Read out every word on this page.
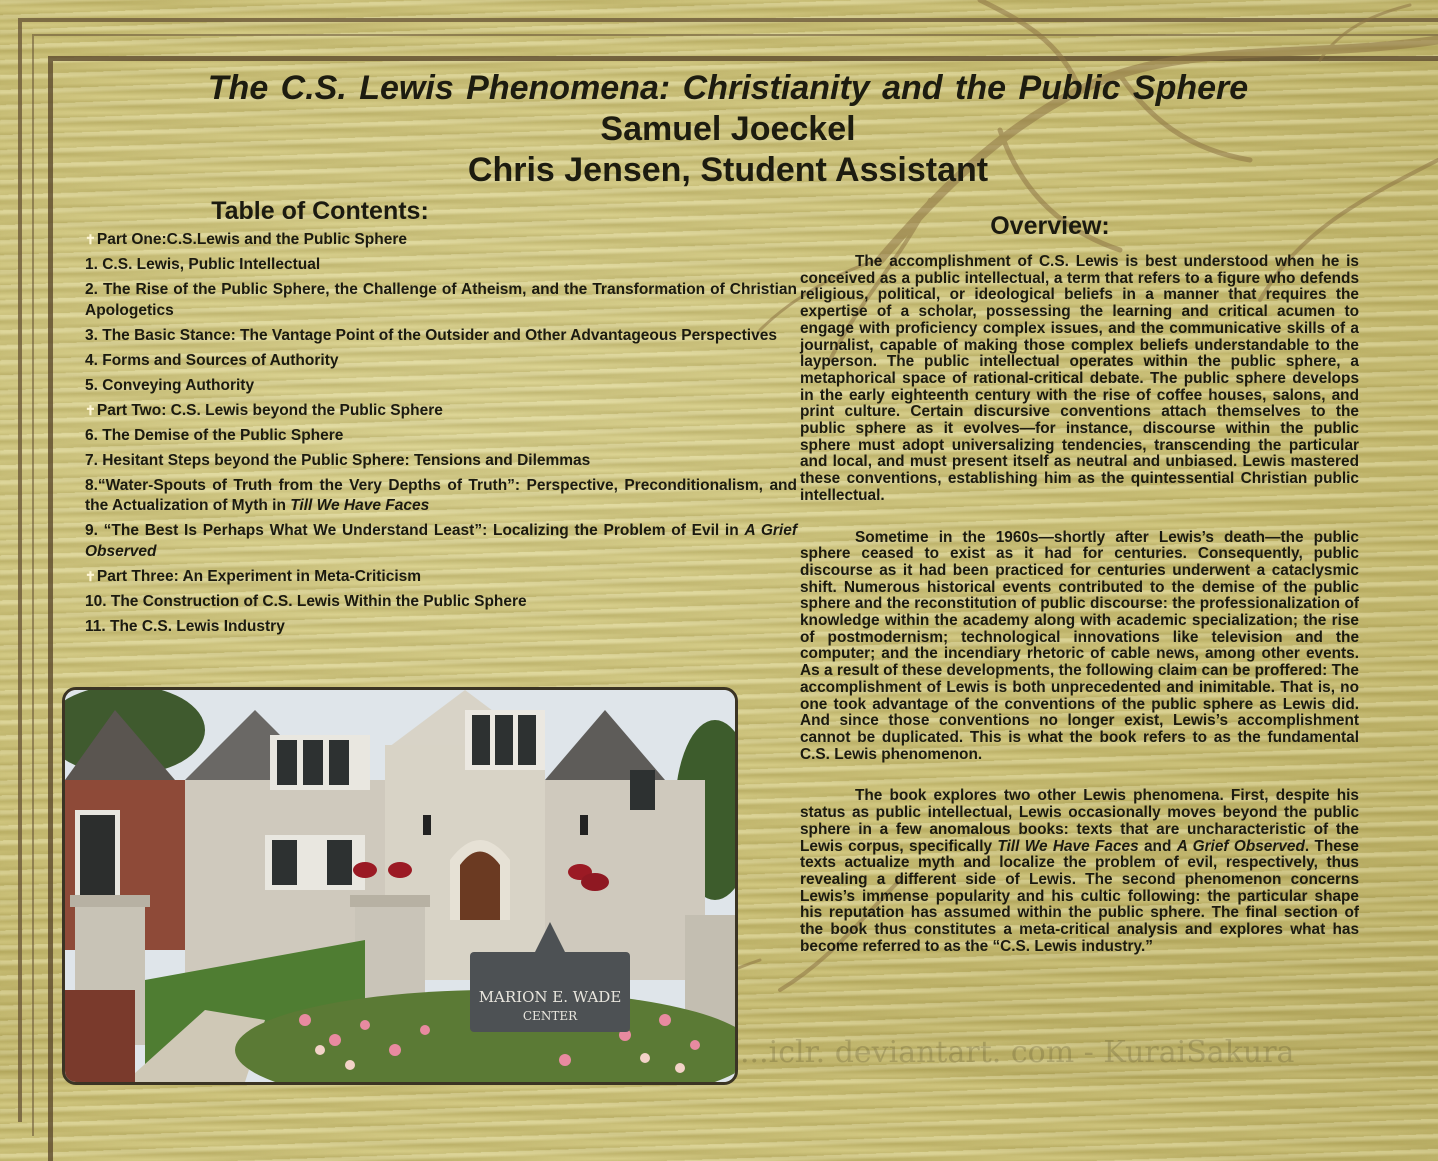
The C.S. Lewis Phenomena: Christianity and the Public Sphere
Samuel Joeckel
Chris Jensen, Student Assistant
Table of Contents:
✝Part One:C.S.Lewis and the Public Sphere
1. C.S. Lewis, Public Intellectual
2. The Rise of the Public Sphere, the Challenge of Atheism, and the Transformation of Christian Apologetics
3. The Basic Stance: The Vantage Point of the Outsider and Other Advantageous Perspectives
4. Forms and Sources of Authority
5. Conveying Authority
✝Part Two: C.S. Lewis beyond the Public Sphere
6. The Demise of the Public Sphere
7. Hesitant Steps beyond the Public Sphere: Tensions and Dilemmas
8.“Water-Spouts of Truth from the Very Depths of Truth”: Perspective, Preconditionalism, and the Actualization of Myth in Till We Have Faces
9. “The Best Is Perhaps What We Understand Least”: Localizing the Problem of Evil in A Grief Observed
✝Part Three: An Experiment in Meta-Criticism
10. The Construction of C.S. Lewis Within the Public Sphere
11. The C.S. Lewis Industry
Overview:

The accomplishment of C.S. Lewis is best understood when he is conceived as a public intellectual, a term that refers to a figure who defends religious, political, or ideological beliefs in a manner that requires the expertise of a scholar, possessing the learning and critical acumen to engage with proficiency complex issues, and the communicative skills of a journalist, capable of making those complex beliefs understandable to the layperson. The public intellectual operates within the public sphere, a metaphorical space of rational-critical debate. The public sphere develops in the early eighteenth century with the rise of coffee houses, salons, and print culture. Certain discursive conventions attach themselves to the public sphere as it evolves—for instance, discourse within the public sphere must adopt universalizing tendencies, transcending the particular and local, and must present itself as neutral and unbiased. Lewis mastered these conventions, establishing him as the quintessential Christian public intellectual.

Sometime in the 1960s—shortly after Lewis’s death—the public sphere ceased to exist as it had for centuries. Consequently, public discourse as it had been practiced for centuries underwent a cataclysmic shift. Numerous historical events contributed to the demise of the public sphere and the reconstitution of public discourse: the professionalization of knowledge within the academy along with academic specialization; the rise of postmodernism; technological innovations like television and the computer; and the incendiary rhetoric of cable news, among other events. As a result of these developments, the following claim can be proffered: The accomplishment of Lewis is both unprecedented and inimitable. That is, no one took advantage of the conventions of the public sphere as Lewis did. And since those conventions no longer exist, Lewis’s accomplishment cannot be duplicated. This is what the book refers to as the fundamental C.S. Lewis phenomenon.

The book explores two other Lewis phenomena. First, despite his status as public intellectual, Lewis occasionally moves beyond the public sphere in a few anomalous books: texts that are uncharacteristic of the Lewis corpus, specifically Till We Have Faces and A Grief Observed. These texts actualize myth and localize the problem of evil, respectively, thus revealing a different side of Lewis. The second phenomenon concerns Lewis’s immense popularity and his cultic following: the particular shape his reputation has assumed within the public sphere. The final section of the book thus constitutes a meta-critical analysis and explores what has become referred to as the “C.S. Lewis industry.”

MARION E. WADE
CENTER
...iclr. deviantart. com - KuraiSakura
